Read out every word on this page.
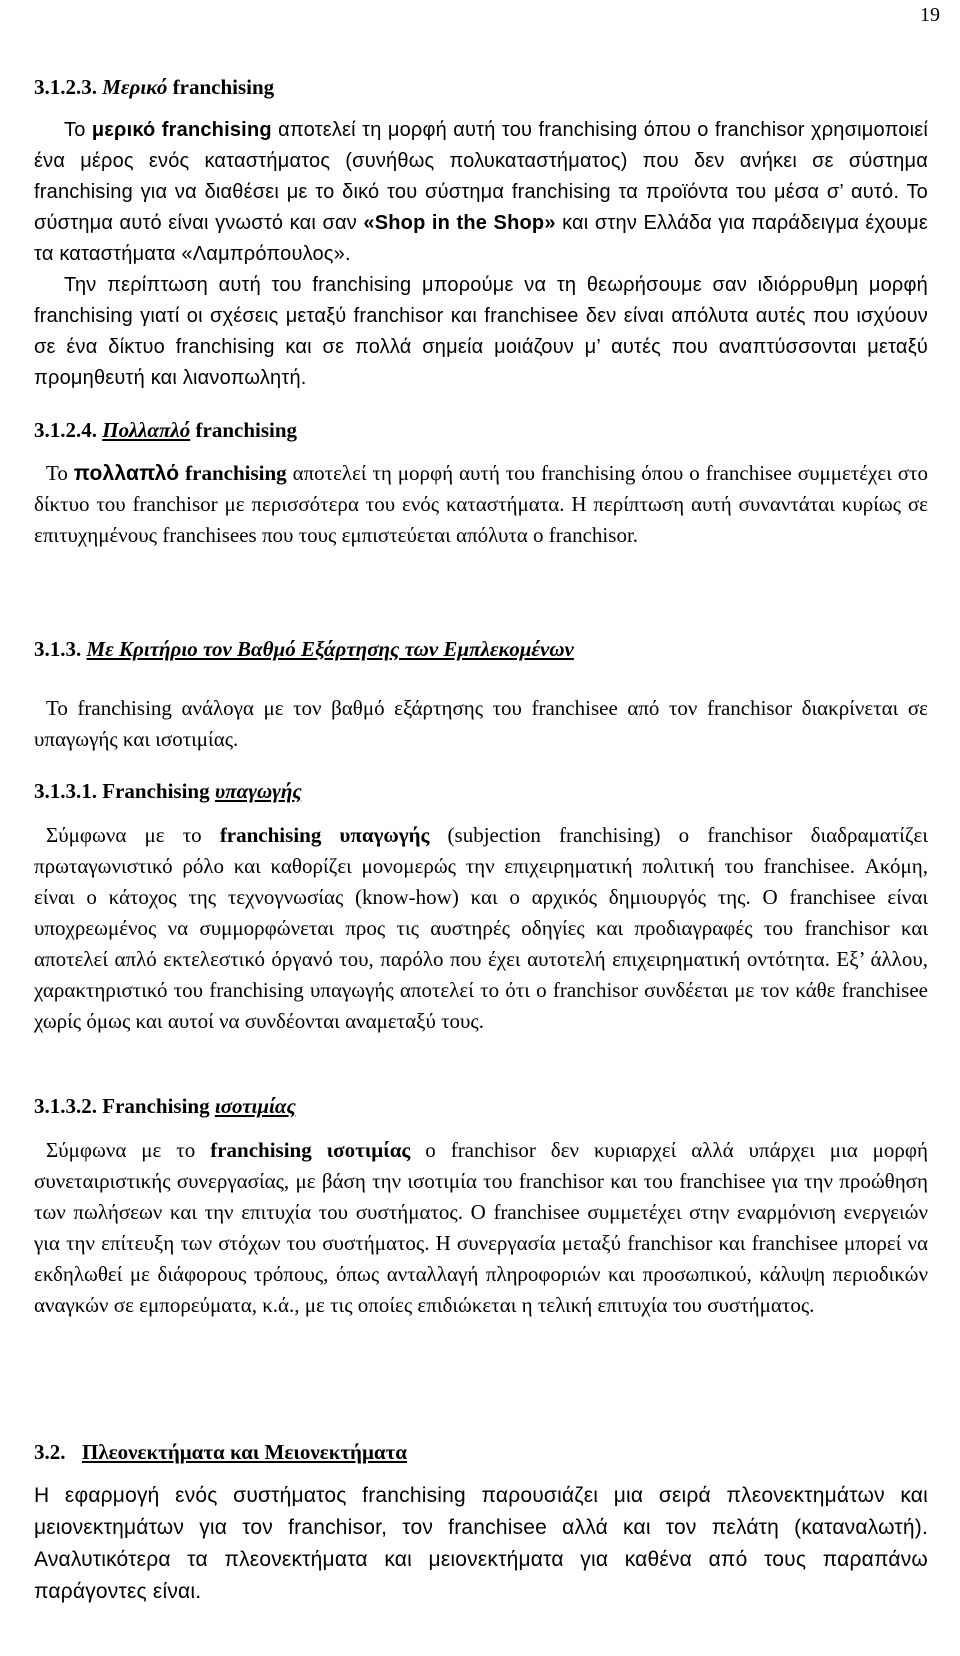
19
3.1.2.3. Μερικό franchising
Το μερικό franchising αποτελεί τη μορφή αυτή του franchising όπου ο franchisor χρησιμοποιεί ένα μέρος ενός καταστήματος (συνήθως πολυκαταστήματος) που δεν ανήκει σε σύστημα franchising για να διαθέσει με το δικό του σύστημα franchising τα προϊόντα του μέσα σ’ αυτό. Το σύστημα αυτό είναι γνωστό και σαν «Shop in the Shop» και στην Ελλάδα για παράδειγμα έχουμε τα καταστήματα «Λαμπρόπουλος».
Την περίπτωση αυτή του franchising μπορούμε να τη θεωρήσουμε σαν ιδιόρρυθμη μορφή franchising γιατί οι σχέσεις μεταξύ franchisor και franchisee δεν είναι απόλυτα αυτές που ισχύουν σε ένα δίκτυο franchising και σε πολλά σημεία μοιάζουν μ’ αυτές που αναπτύσσονται μεταξύ προμηθευτή και λιανοπωλητή.
3.1.2.4. Πολλαπλό franchising
Το πολλαπλό franchising αποτελεί τη μορφή αυτή του franchising όπου ο franchisee συμμετέχει στο δίκτυο του franchisor με περισσότερα του ενός καταστήματα. Η περίπτωση αυτή συναντάται κυρίως σε επιτυχημένους franchisees που τους εμπιστεύεται απόλυτα ο franchisor.
3.1.3. Με Κριτήριο τον Βαθμό Εξάρτησης των Εμπλεκομένων
Το franchising ανάλογα με τον βαθμό εξάρτησης του franchisee από τον franchisor διακρίνεται σε υπαγωγής και ισοτιμίας.
3.1.3.1. Franchising υπαγωγής
Σύμφωνα με το franchising υπαγωγής (subjection franchising) ο franchisor διαδραματίζει πρωταγωνιστικό ρόλο και καθορίζει μονομερώς την επιχειρηματική πολιτική του franchisee. Ακόμη, είναι ο κάτοχος της τεχνογνωσίας (know-how) και ο αρχικός δημιουργός της. Ο franchisee είναι υποχρεωμένος να συμμορφώνεται προς τις αυστηρές οδηγίες και προδιαγραφές του franchisor και αποτελεί απλό εκτελεστικό όργανό του, παρόλο που έχει αυτοτελή επιχειρηματική οντότητα. Εξ’ άλλου, χαρακτηριστικό του franchising υπαγωγής αποτελεί το ότι ο franchisor συνδέεται με τον κάθε franchisee χωρίς όμως και αυτοί να συνδέονται αναμεταξύ τους.
3.1.3.2. Franchising ισοτιμίας
Σύμφωνα με το franchising ισοτιμίας ο franchisor δεν κυριαρχεί αλλά υπάρχει μια μορφή συνεταιριστικής συνεργασίας, με βάση την ισοτιμία του franchisor και του franchisee για την προώθηση των πωλήσεων και την επιτυχία του συστήματος. Ο franchisee συμμετέχει στην εναρμόνιση ενεργειών για την επίτευξη των στόχων του συστήματος. Η συνεργασία μεταξύ franchisor και franchisee μπορεί να εκδηλωθεί με διάφορους τρόπους, όπως ανταλλαγή πληροφοριών και προσωπικού, κάλυψη περιοδικών αναγκών σε εμπορεύματα, κ.ά., με τις οποίες επιδιώκεται η τελική επιτυχία του συστήματος.
3.2. Πλεονεκτήματα και Μειονεκτήματα
Η εφαρμογή ενός συστήματος franchising παρουσιάζει μια σειρά πλεονεκτημάτων και μειονεκτημάτων για τον franchisor, τον franchisee αλλά και τον πελάτη (καταναλωτή). Αναλυτικότερα τα πλεονεκτήματα και μειονεκτήματα για καθένα από τους παραπάνω παράγοντες είναι.
